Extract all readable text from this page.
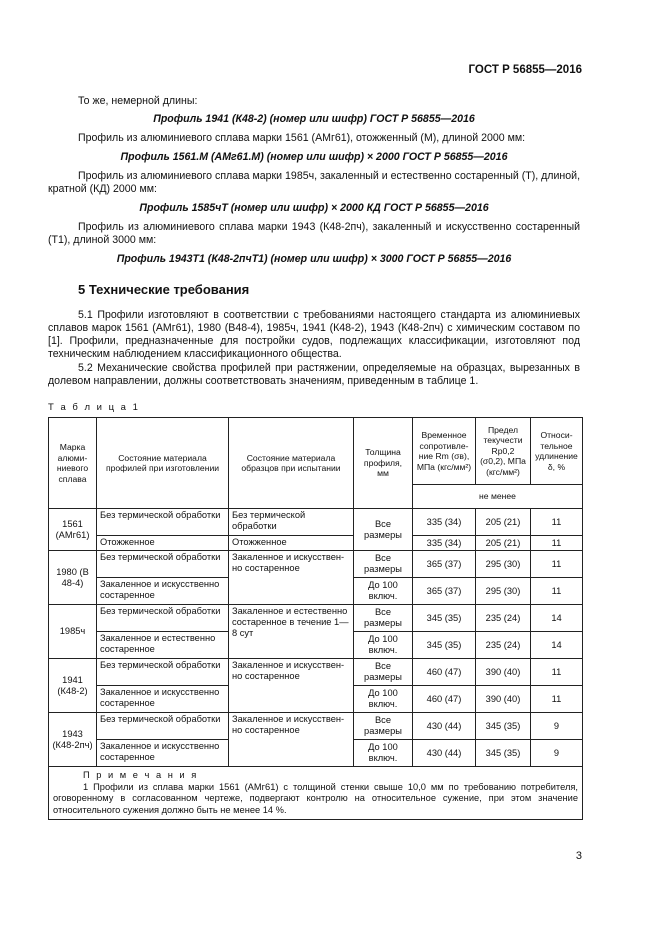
ГОСТ Р 56855—2016

То же, немерной длины:

Профиль 1941 (К48-2) (номер или шифр) ГОСТ Р 56855—2016

Профиль из алюминиевого сплава марки 1561 (АМг61), отожженный (М), длиной 2000 мм:

Профиль 1561.М (АМг61.М) (номер или шифр) × 2000 ГОСТ Р 56855—2016

Профиль из алюминиевого сплава марки 1985ч, закаленный и естественно состаренный (Т), длиной, кратной (КД) 2000 мм:

Профиль 1585чТ (номер или шифр) × 2000 КД ГОСТ Р 56855—2016

Профиль из алюминиевого сплава марки 1943 (К48-2пч), закаленный и искусственно состаренный (Т1), длиной 3000 мм:

Профиль 1943Т1 (К48-2пчТ1) (номер или шифр) × 3000 ГОСТ Р 56855—2016
5 Технические требования

5.1 Профили изготовляют в соответствии с требованиями настоящего стандарта из алюминиевых сплавов марок 1561 (АМг61), 1980 (В48-4), 1985ч, 1941 (К48-2), 1943 (К48-2пч) с химическим составом по [1]. Профили, предназначенные для постройки судов, подлежащих классификации, изготовляют под техническим наблюдением классификационного общества.

5.2 Механические свойства профилей при растяжении, определяемые на образцах, вырезанных в долевом направлении, должны соответствовать значениям, приведенным в таблице 1.

Т а б л и ц а 1
Марка алюминиевого сплава	Состояние материала профилей при изготовлении	Состояние материала образцов при испытании	Толщина профиля, мм	Временное сопротивление Rm (σв), МПа (кгс/мм²)	Предел текучести Rp0,2 (σ0,2), МПа (кгс/мм²)	Относительное удлинение δ, %
				не менее		
1561 (АМг61)	Без термической обработки	Без термической обработки	Все размеры	335 (34)	205 (21)	11
	Отожженное	Отожженное		335 (34)	205 (21)	11
1980 (В 48-4)	Без термической обработки	Закаленное и искусственно состаренное	Все размеры	365 (37)	295 (30)	11
	Закаленное и искусственно состаренное		До 100 включ.	365 (37)	295 (30)	11
1985ч	Без термической обработки	Закаленное и естественно состаренное в течение 1—8 сут	Все размеры	345 (35)	235 (24)	14
	Закаленное и естественно состаренное		До 100 включ.	345 (35)	235 (24)	14
1941 (К48-2)	Без термической обработки	Закаленное и искусственно состаренное	Все размеры	460 (47)	390 (40)	11
	Закаленное и искусственно состаренное		До 100 включ.	460 (47)	390 (40)	11
1943 (К48-2пч)	Без термической обработки	Закаленное и искусственно состаренное	Все размеры	430 (44)	345 (35)	9
	Закаленное и искусственно состаренное		До 100 включ.	430 (44)	345 (35)	9

П р и м е ч а н и я
1 Профили из сплава марки 1561 (АМг61) с толщиной стенки свыше 10,0 мм по требованию потребителя, оговоренному в согласованном чертеже, подвергают контролю на относительное сужение, при этом значение относительного сужения должно быть не менее 14 %.						
3
